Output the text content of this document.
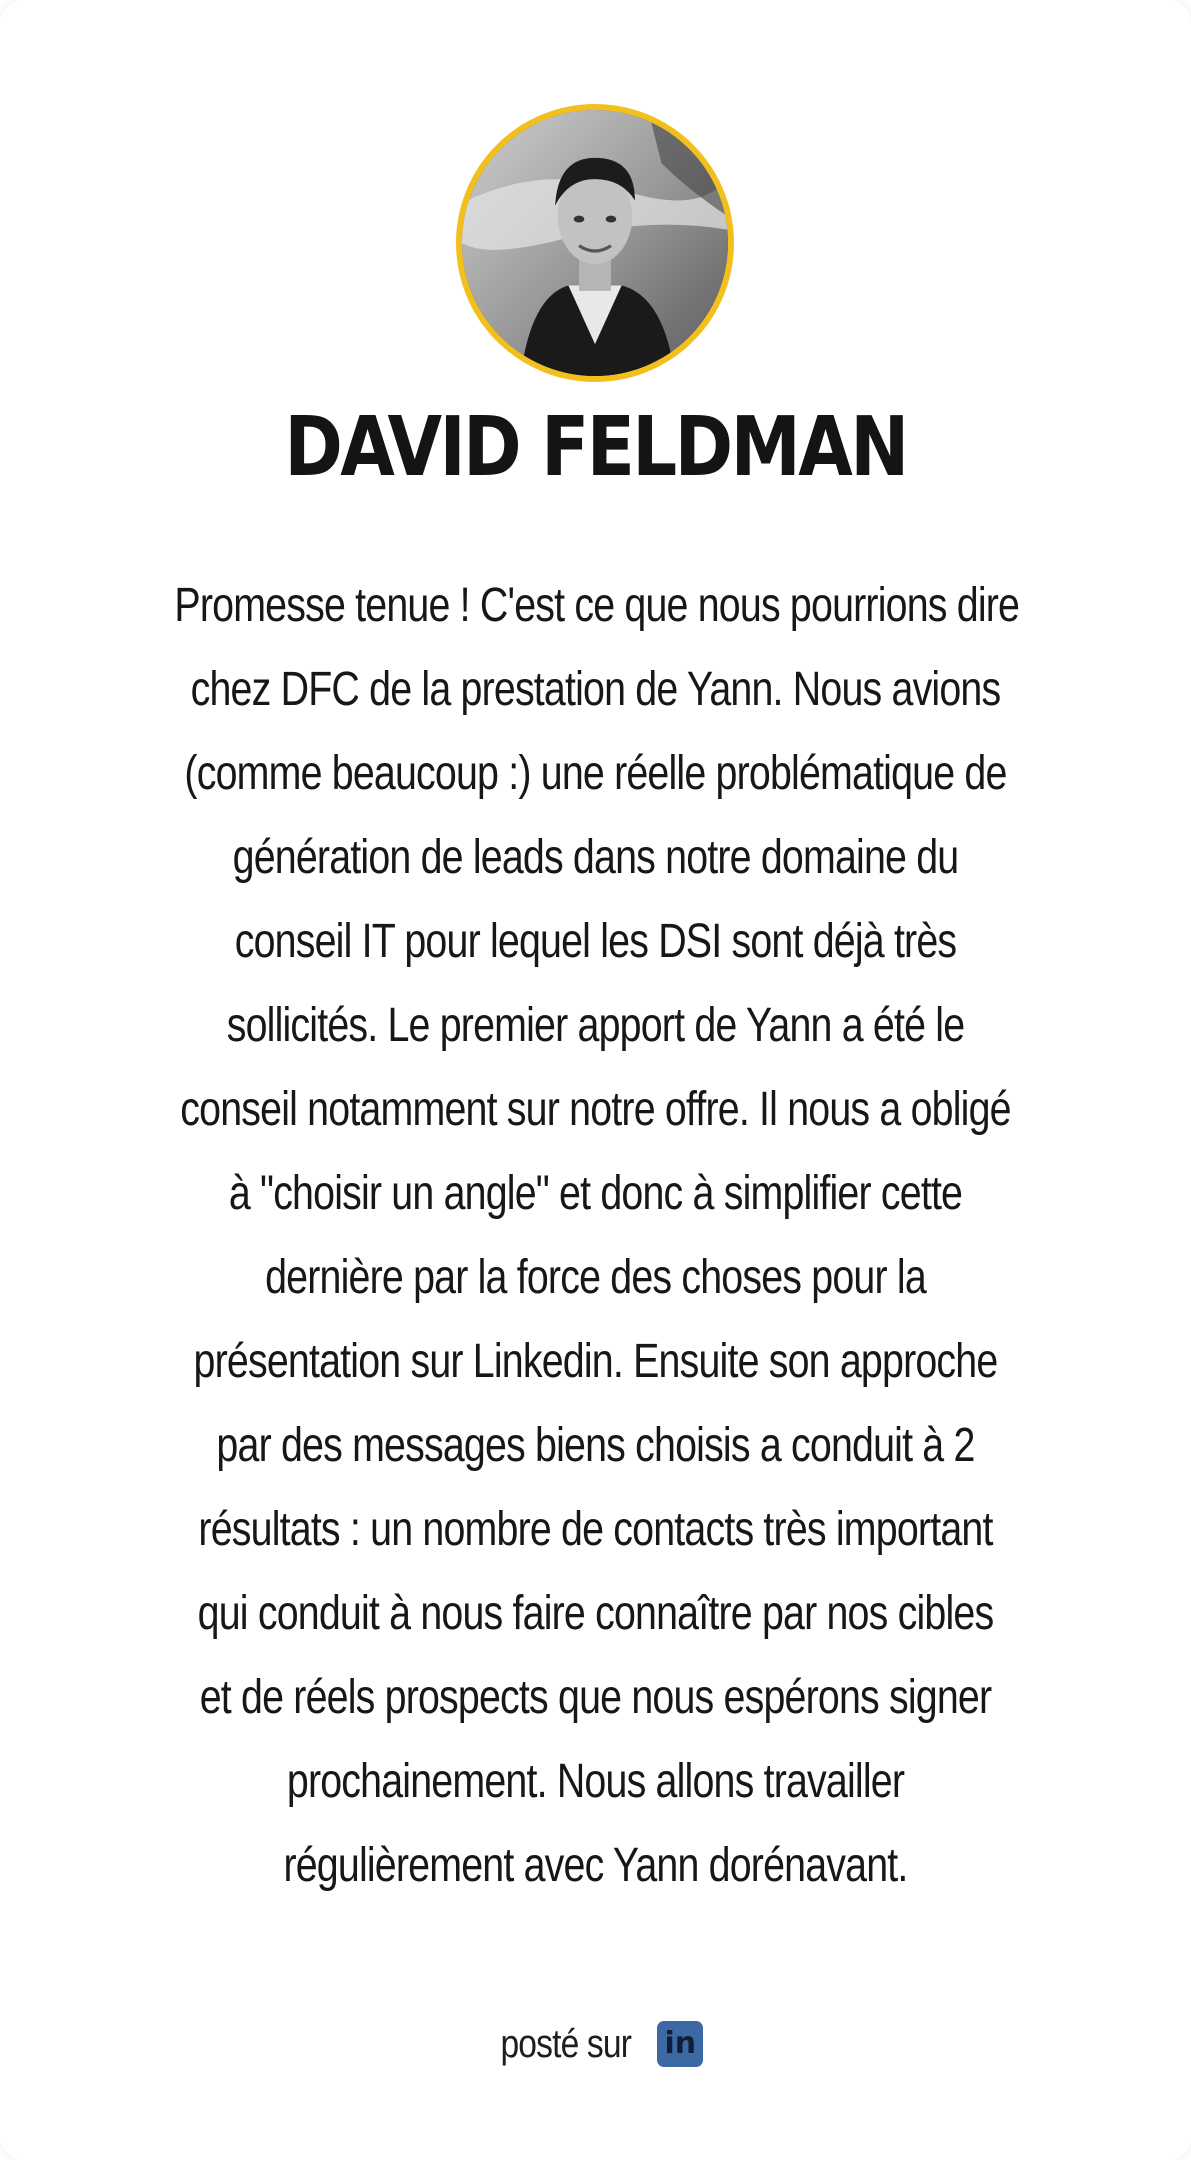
DAVID FELDMAN

Promesse tenue ! C'est ce que nous pourrions dire
chez DFC de la prestation de Yann. Nous avions
(comme beaucoup :) une réelle problématique de
génération de leads dans notre domaine du
conseil IT pour lequel les DSI sont déjà très
sollicités. Le premier apport de Yann a été le
conseil notamment sur notre offre. Il nous a obligé
à "choisir un angle" et donc à simplifier cette
dernière par la force des choses pour la
présentation sur Linkedin. Ensuite son approche
par des messages biens choisis a conduit à 2
résultats : un nombre de contacts très important
qui conduit à nous faire connaître par nos cibles
et de réels prospects que nous espérons signer
prochainement. Nous allons travailler
régulièrement avec Yann dorénavant.

posté sur in
